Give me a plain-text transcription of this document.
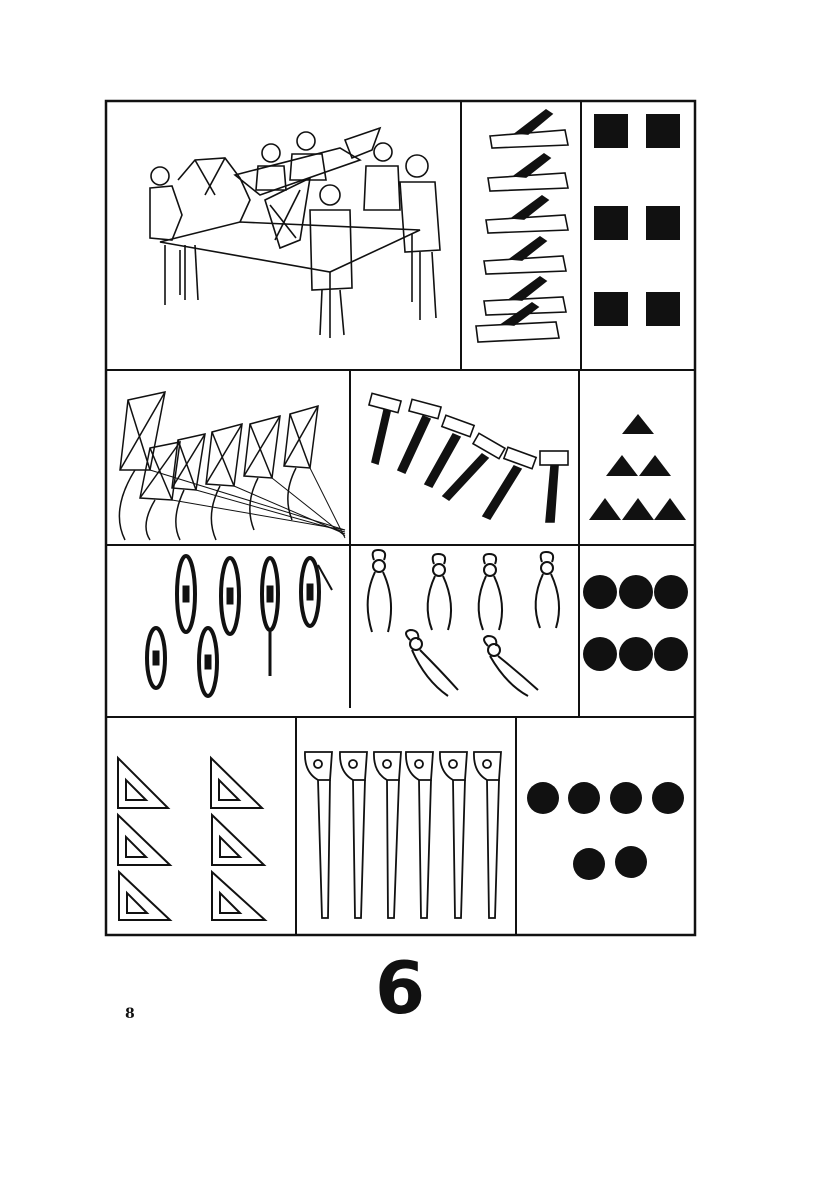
6
8
